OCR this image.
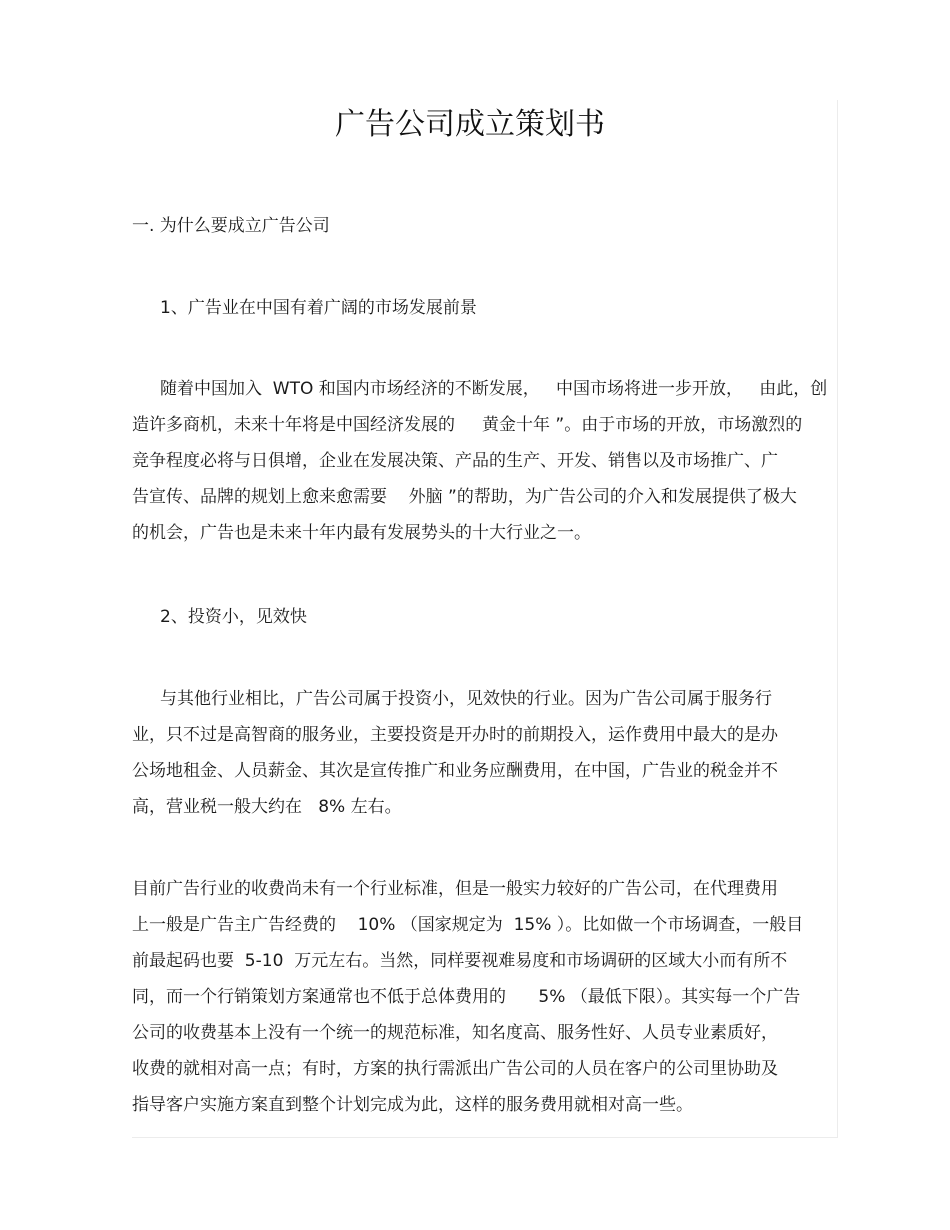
广告公司成立策划书
一. 为什么要成立广告公司
1、广告业在中国有着广阔的市场发展前景
随着中国加入  WTO 和国内市场经济的不断发展，   中国市场将进一步开放，   由此，创
造许多商机，未来十年将是中国经济发展的     黄金十年 ”。由于市场的开放，市场激烈的
竞争程度必将与日俱增，企业在发展决策、产品的生产、开发、销售以及市场推广、广
告宣传、品牌的规划上愈来愈需要    外脑 ”的帮助，为广告公司的介入和发展提供了极大
的机会，广告也是未来十年内最有发展势头的十大行业之一。
2、投资小，见效快
与其他行业相比，广告公司属于投资小，见效快的行业。因为广告公司属于服务行
业，只不过是高智商的服务业，主要投资是开办时的前期投入，运作费用中最大的是办
公场地租金、人员薪金、其次是宣传推广和业务应酬费用，在中国，广告业的税金并不
高，营业税一般大约在   8% 左右。
目前广告行业的收费尚未有一个行业标准，但是一般实力较好的广告公司，在代理费用
上一般是广告主广告经费的    10% （国家规定为  15% ）。比如做一个市场调查，一般目
前最起码也要  5-10  万元左右。当然，同样要视难易度和市场调研的区域大小而有所不
同，而一个行销策划方案通常也不低于总体费用的      5% （最低下限）。其实每一个广告
公司的收费基本上没有一个统一的规范标准，知名度高、服务性好、人员专业素质好，
收费的就相对高一点；有时，方案的执行需派出广告公司的人员在客户的公司里协助及
指导客户实施方案直到整个计划完成为此，这样的服务费用就相对高一些。
